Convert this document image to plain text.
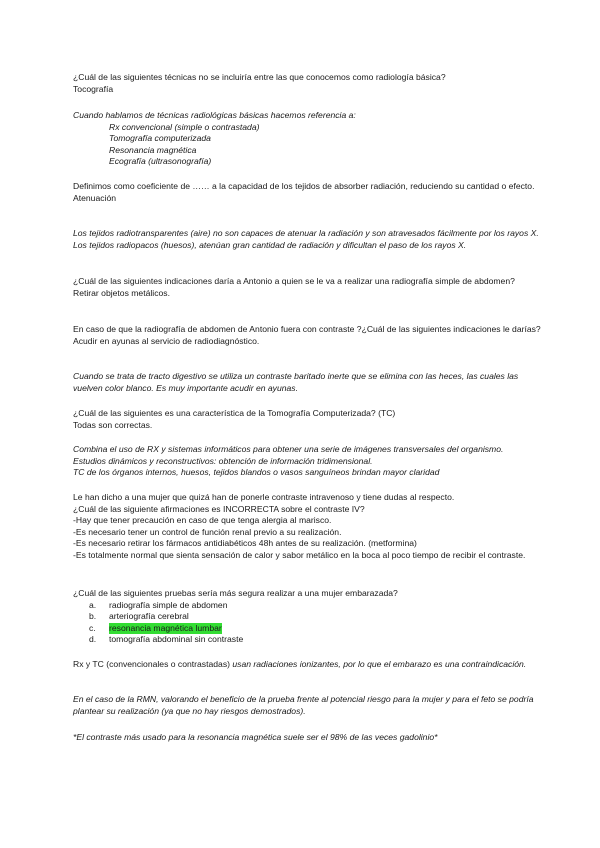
¿Cuál de las siguientes técnicas no se incluiría entre las que conocemos como radiología básica?

Tocografía

Cuando hablamos de técnicas radiológicas básicas hacemos referencia a:

Rx convencional (simple o contrastada)

Tomografía computerizada

Resonancia magnética

Ecografía (ultrasonografía)

Definimos como coeficiente de …… a la capacidad de los tejidos de absorber radiación, reduciendo su cantidad o efecto.

Atenuación

Los tejidos radiotransparentes (aire) no son capaces de atenuar la radiación y son atravesados fácilmente por los rayos X. Los tejidos radiopacos (huesos), atenúan gran cantidad de radiación y dificultan el paso de los rayos X.

¿Cuál de las siguientes indicaciones daría a Antonio a quien se le va a realizar una radiografía simple de abdomen?

Retirar objetos metálicos.

En caso de que la radiografía de abdomen de Antonio fuera con contraste ?¿Cuál de las siguientes indicaciones le darías?

Acudir en ayunas al servicio de radiodiagnóstico.

Cuando se trata de tracto digestivo se utiliza un contraste baritado inerte que se elimina con las heces, las cuales las vuelven color blanco. Es muy importante acudir en ayunas.

¿Cuál de las siguientes es una característica de la Tomografía Computerizada? (TC)

Todas son correctas.

Combina el uso de RX y sistemas informáticos para obtener una serie de imágenes transversales del organismo.

Estudios dinámicos y reconstructivos: obtención de información tridimensional.

TC de los órganos internos, huesos, tejidos blandos o vasos sanguíneos brindan mayor claridad

Le han dicho a una mujer que quizá han de ponerle contraste intravenoso y tiene dudas al respecto.

¿Cuál de las siguiente afirmaciones es INCORRECTA sobre el contraste IV?

-Hay que tener precaución en caso de que tenga alergia al marisco.

-Es necesario tener un control de función renal previo a su realización.

-Es necesario retirar los fármacos antidiabéticos 48h antes de su realización. (metformina)

-Es totalmente normal que sienta sensación de calor y sabor metálico en la boca al poco tiempo de recibir el contraste.

¿Cuál de las siguientes pruebas sería más segura realizar a una mujer embarazada?

a.	radiografía simple de abdomen
b.	arteriografía cerebral
c.	resonancia magnética lumbar
d.	tomografía abdominal sin contraste

Rx y TC (convencionales o contrastadas) usan radiaciones ionizantes, por lo que el embarazo es una contraindicación.

En el caso de la RMN, valorando el beneficio de la prueba frente al potencial riesgo para la mujer y para el feto se podría plantear su realización (ya que no hay riesgos demostrados).

*El contraste más usado para la resonancia magnética suele ser el 98% de las veces gadolinio*
